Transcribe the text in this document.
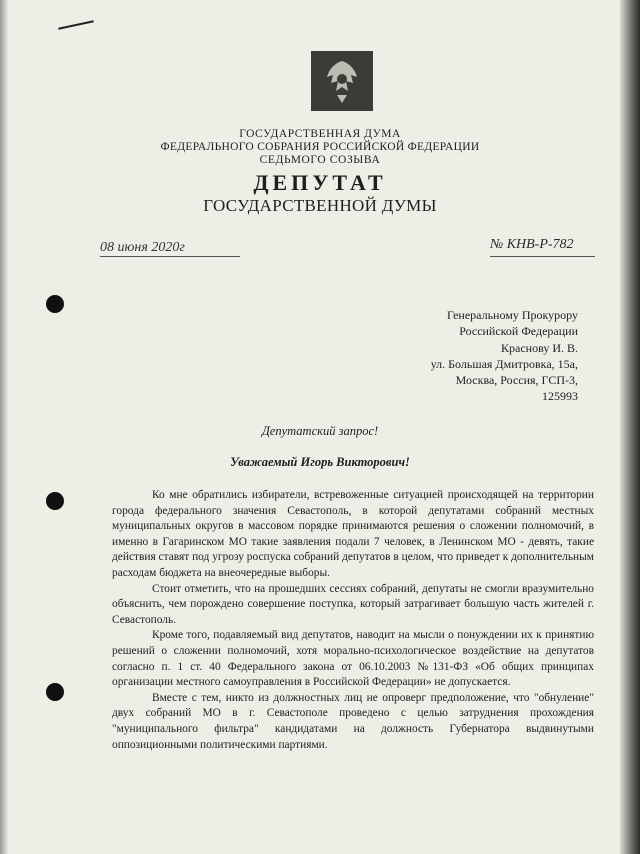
ГОСУДАРСТВЕННАЯ ДУМА
ФЕДЕРАЛЬНОГО СОБРАНИЯ РОССИЙСКОЙ ФЕДЕРАЦИИ
СЕДЬМОГО СОЗЫВА
ДЕПУТАТ
ГОСУДАРСТВЕННОЙ ДУМЫ
08 июня 2020г	№ КНВ-Р-782
Генеральному Прокурору
Российской Федерации
Краснову И. В.
ул. Большая Дмитровка, 15а,
Москва, Россия, ГСП-3,
125993
Депутатский запрос!
Уважаемый Игорь Викторович!

Ко мне обратились избиратели, встревоженные ситуацией происходящей на территории города федерального значения Севастополь, в которой депутатами собраний местных муниципальных округов в массовом порядке принимаются решения о сложении полномочий, в именно в Гагаринском МО такие заявления подали 7 человек, в Ленинском МО - девять, такие действия ставят под угрозу роспуска собраний депутатов в целом, что приведет к дополнительным расходам бюджета на внеочередные выборы.

Стоит отметить, что на прошедших сессиях собраний, депутаты не смогли вразумительно объяснить, чем порождено совершение поступка, который затрагивает большую часть жителей г. Севастополь.

Кроме того, подавляемый вид депутатов, наводит на мысли о понуждении их к принятию решений о сложении полномочий, хотя морально-психологическое воздействие на депутатов согласно п. 1 ст. 40 Федерального закона от 06.10.2003 №131-ФЗ «Об общих принципах организации местного самоуправления в Российской Федерации» не допускается.

Вместе с тем, никто из должностных лиц не опроверг предположение, что "обнуление" двух собраний МО в г. Севастополе проведено с целью затруднения прохождения "муниципального фильтра" кандидатами на должность Губернатора выдвинутыми оппозиционными политическими партиями.
